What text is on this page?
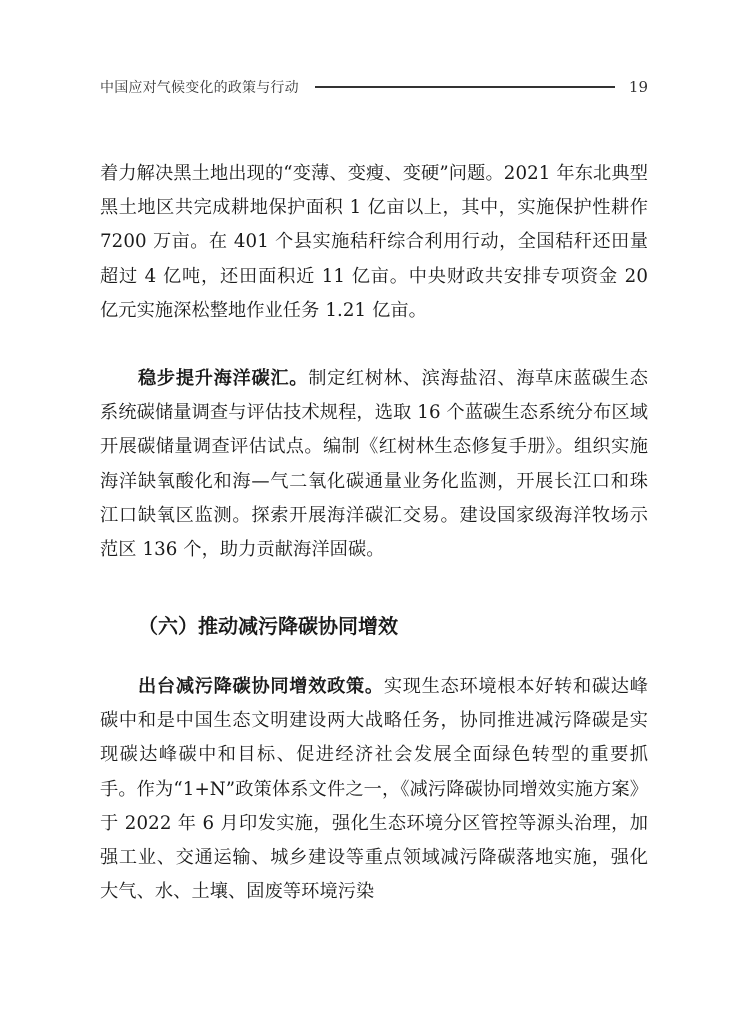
中国应对气候变化的政策与行动	19

着力解决黑土地出现的“变薄、变瘦、变硬”问题。2021 年东北典型黑土地区共完成耕地保护面积 1 亿亩以上，其中，实施保护性耕作 7200 万亩。在 401 个县实施秸秆综合利用行动，全国秸秆还田量超过 4 亿吨，还田面积近 11 亿亩。中央财政共安排专项资金 20 亿元实施深松整地作业任务 1.21 亿亩。

稳步提升海洋碳汇。制定红树林、滨海盐沼、海草床蓝碳生态系统碳储量调查与评估技术规程，选取 16 个蓝碳生态系统分布区域开展碳储量调查评估试点。编制《红树林生态修复手册》。组织实施海洋缺氧酸化和海—气二氧化碳通量业务化监测，开展长江口和珠江口缺氧区监测。探索开展海洋碳汇交易。建设国家级海洋牧场示范区 136 个，助力贡献海洋固碳。

（六）推动减污降碳协同增效

出台减污降碳协同增效政策。实现生态环境根本好转和碳达峰碳中和是中国生态文明建设两大战略任务，协同推进减污降碳是实现碳达峰碳中和目标、促进经济社会发展全面绿色转型的重要抓手。作为“1+N”政策体系文件之一，《减污降碳协同增效实施方案》于 2022 年 6 月印发实施，强化生态环境分区管控等源头治理，加强工业、交通运输、城乡建设等重点领域减污降碳落地实施，强化大气、水、土壤、固废等环境污染
